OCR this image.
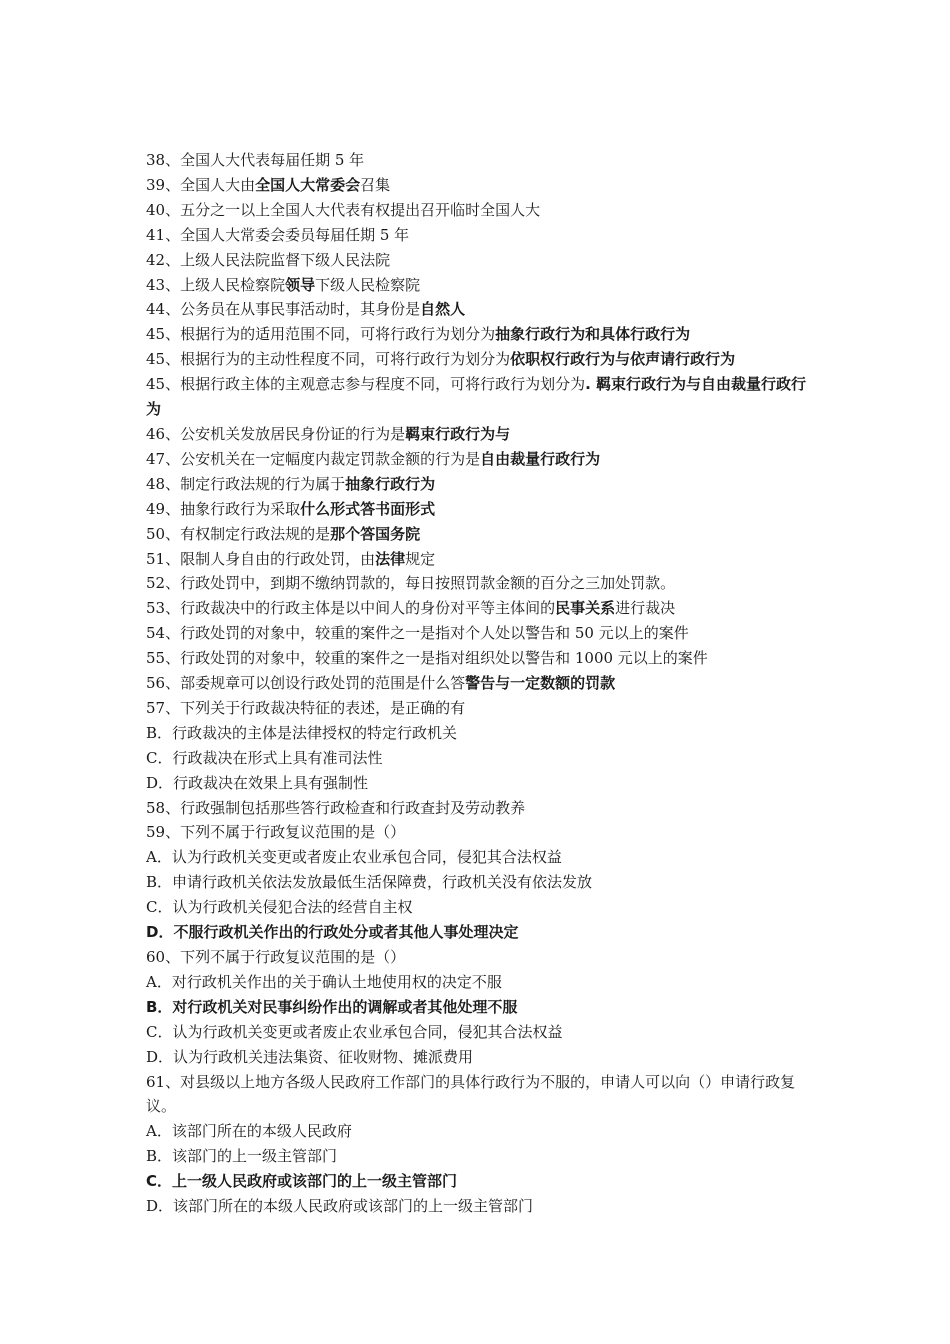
38、全国人大代表每届任期 5 年
39、全国人大由全国人大常委会召集
40、五分之一以上全国人大代表有权提出召开临时全国人大
41、全国人大常委会委员每届任期 5 年
42、上级人民法院监督下级人民法院
43、上级人民检察院领导下级人民检察院
44、公务员在从事民事活动时，其身份是自然人
45、根据行为的适用范围不同，可将行政行为划分为抽象行政行为和具体行政行为
45、根据行为的主动性程度不同，可将行政行为划分为依职权行政行为与依声请行政行为
45、根据行政主体的主观意志参与程度不同，可将行政行为划分为. 羁束行政行为与自由裁量行政行为
46、公安机关发放居民身份证的行为是羁束行政行为与
47、公安机关在一定幅度内裁定罚款金额的行为是自由裁量行政行为
48、制定行政法规的行为属于抽象行政行为
49、抽象行政行为采取什么形式答书面形式
50、有权制定行政法规的是那个答国务院
51、限制人身自由的行政处罚，由法律规定
52、行政处罚中，到期不缴纳罚款的，每日按照罚款金额的百分之三加处罚款。
53、行政裁决中的行政主体是以中间人的身份对平等主体间的民事关系进行裁决
54、行政处罚的对象中，较重的案件之一是指对个人处以警告和 50 元以上的案件
55、行政处罚的对象中，较重的案件之一是指对组织处以警告和 1000 元以上的案件
56、部委规章可以创设行政处罚的范围是什么答警告与一定数额的罚款
57、下列关于行政裁决特征的表述，是正确的有
B．行政裁决的主体是法律授权的特定行政机关
C．行政裁决在形式上具有准司法性
D．行政裁决在效果上具有强制性
58、行政强制包括那些答行政检查和行政查封及劳动教养
59、下列不属于行政复议范围的是（）
A．认为行政机关变更或者废止农业承包合同，侵犯其合法权益
B．申请行政机关依法发放最低生活保障费，行政机关没有依法发放
C．认为行政机关侵犯合法的经营自主权
D．不服行政机关作出的行政处分或者其他人事处理决定
60、下列不属于行政复议范围的是（）
A．对行政机关作出的关于确认土地使用权的决定不服
B．对行政机关对民事纠纷作出的调解或者其他处理不服
C．认为行政机关变更或者废止农业承包合同，侵犯其合法权益
D．认为行政机关违法集资、征收财物、摊派费用
61、对县级以上地方各级人民政府工作部门的具体行政行为不服的，申请人可以向（）申请行政复议。
A．该部门所在的本级人民政府
B．该部门的上一级主管部门
C．上一级人民政府或该部门的上一级主管部门
D．该部门所在的本级人民政府或该部门的上一级主管部门
